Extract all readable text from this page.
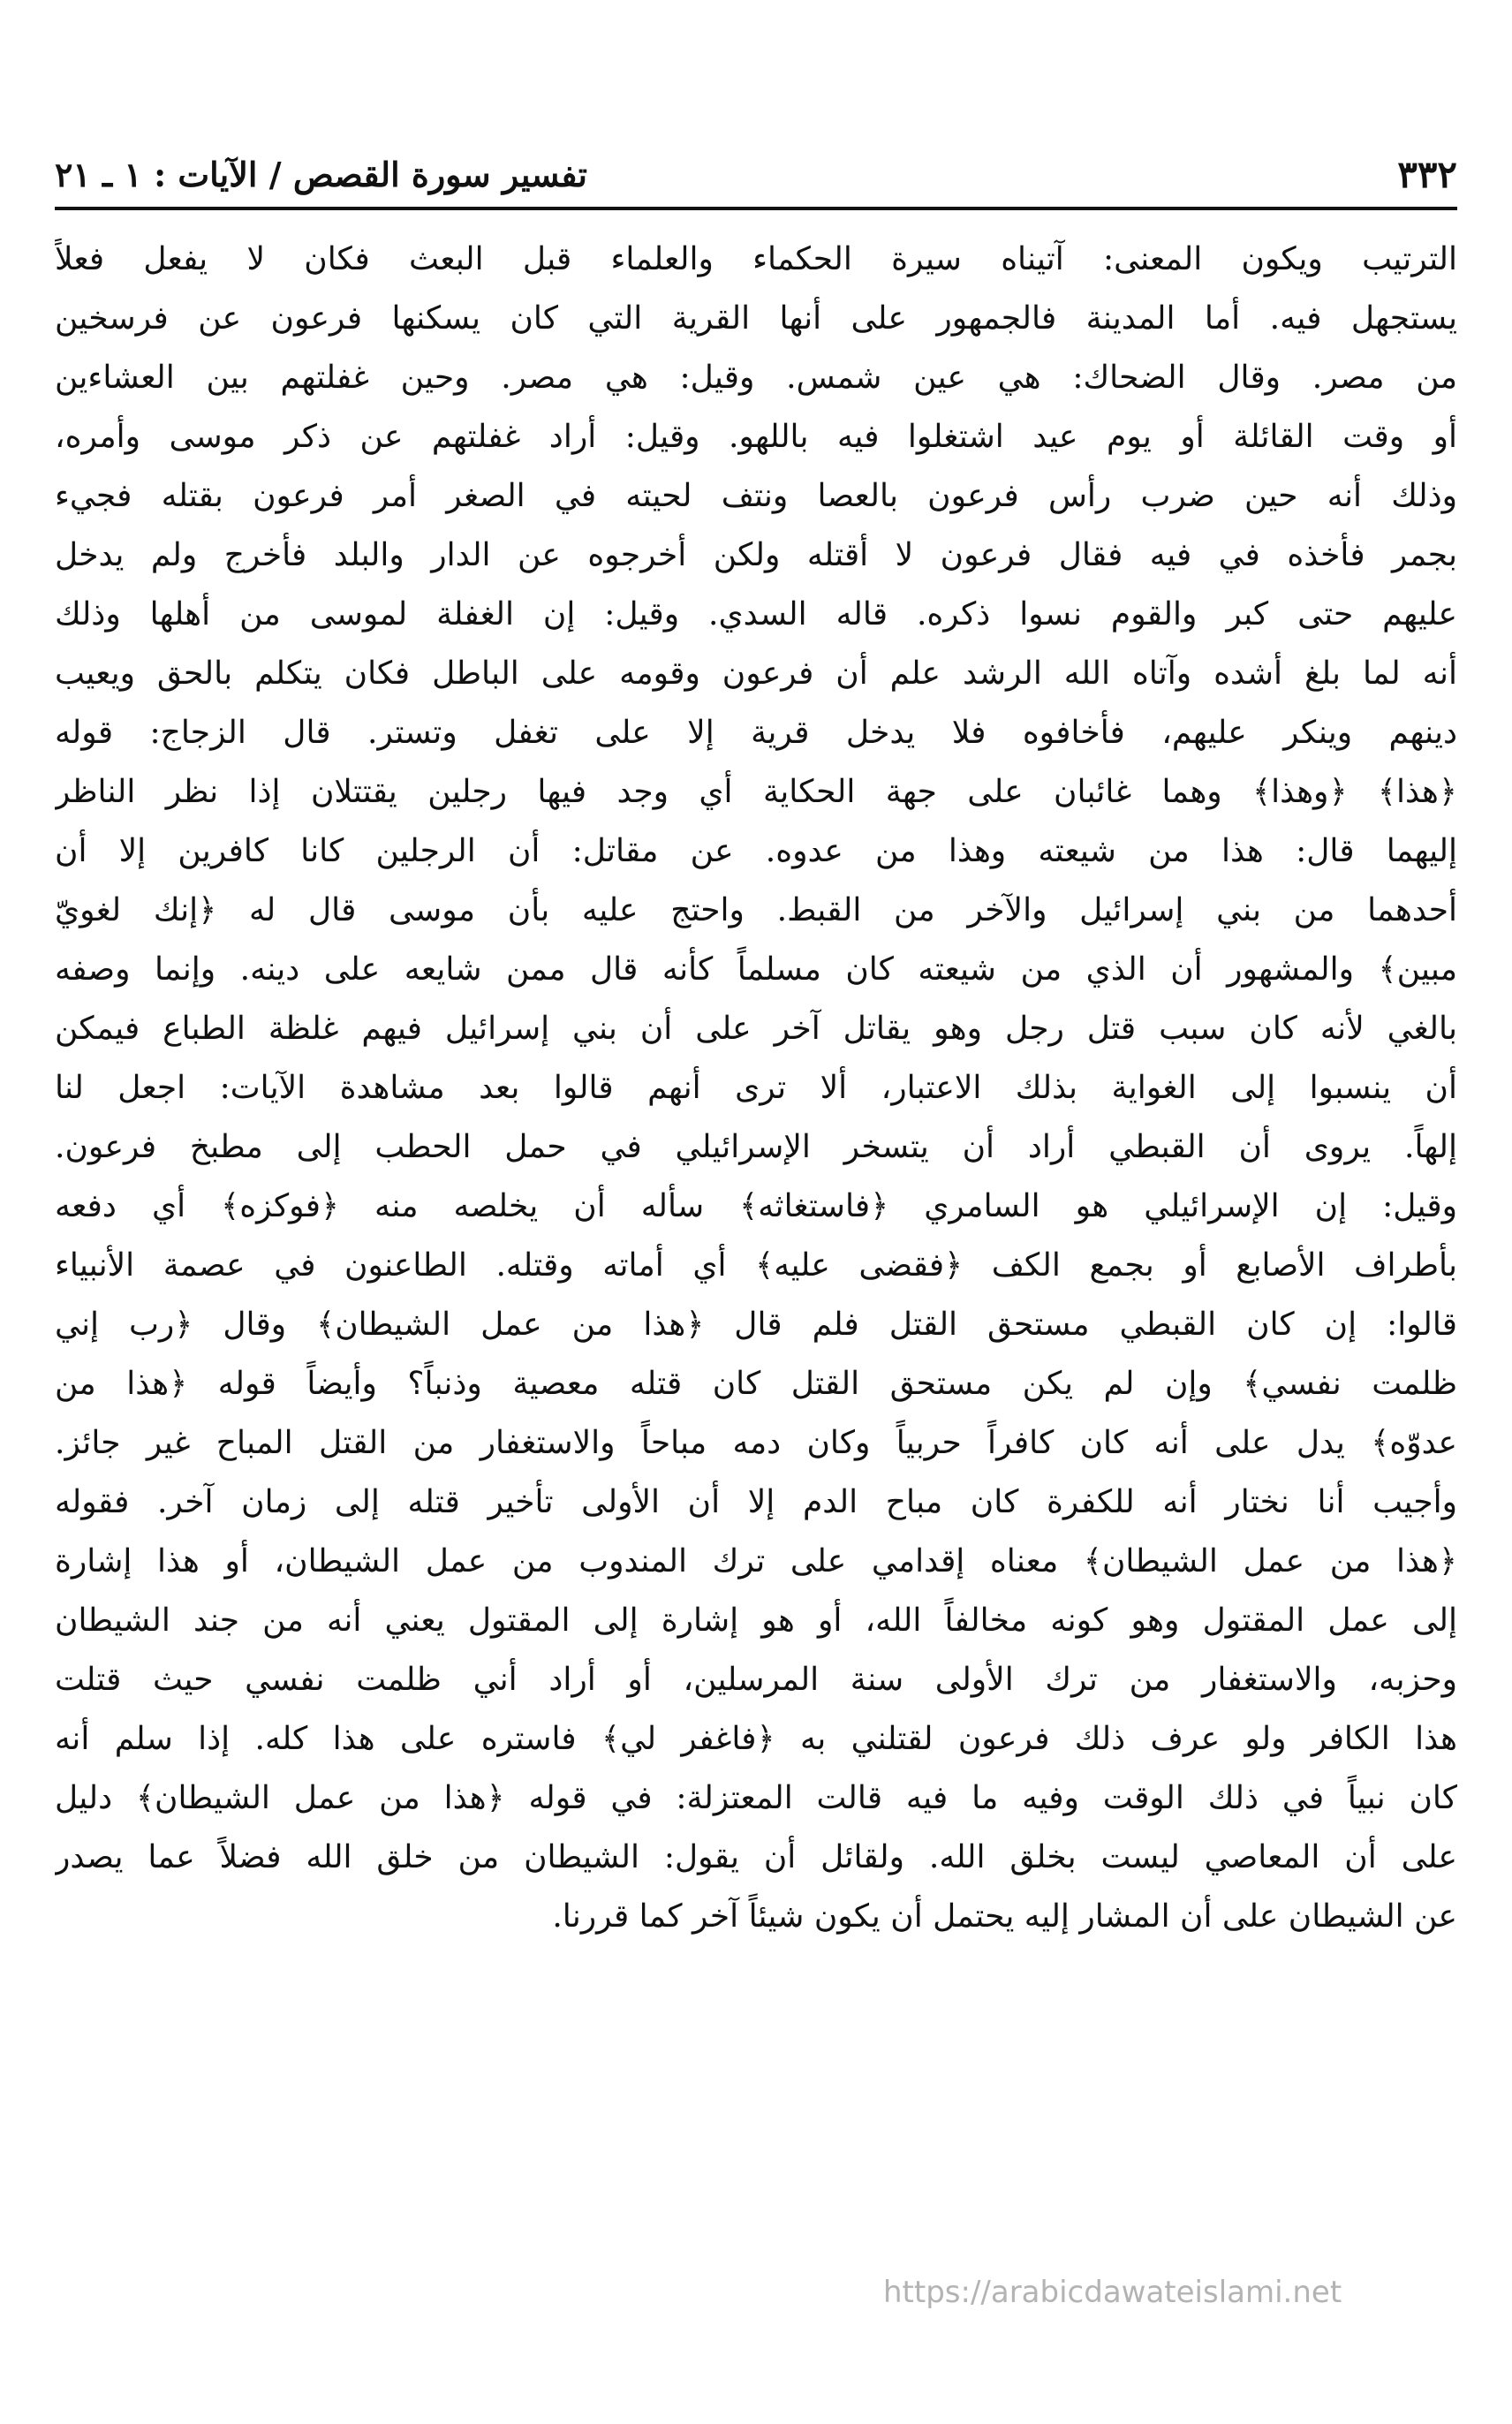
٣٣٢
تفسير سورة القصص / الآيات : ١ ـ ٢١
الترتيب ويكون المعنى: آتيناه سيرة الحكماء والعلماء قبل البعث فكان لا يفعل فعلاً
يستجهل فيه. أما المدينة فالجمهور على أنها القرية التي كان يسكنها فرعون عن فرسخين
من مصر. وقال الضحاك: هي عين شمس. وقيل: هي مصر. وحين غفلتهم بين العشاءين
أو وقت القائلة أو يوم عيد اشتغلوا فيه باللهو. وقيل: أراد غفلتهم عن ذكر موسى وأمره،
وذلك أنه حين ضرب رأس فرعون بالعصا ونتف لحيته في الصغر أمر فرعون بقتله فجيء
بجمر فأخذه في فيه فقال فرعون لا أقتله ولكن أخرجوه عن الدار والبلد فأخرج ولم يدخل
عليهم حتى كبر والقوم نسوا ذكره. قاله السدي. وقيل: إن الغفلة لموسى من أهلها وذلك
أنه لما بلغ أشده وآتاه الله الرشد علم أن فرعون وقومه على الباطل فكان يتكلم بالحق ويعيب
دينهم وينكر عليهم، فأخافوه فلا يدخل قرية إلا على تغفل وتستر. قال الزجاج: قوله
﴿هذا﴾ ﴿وهذا﴾ وهما غائبان على جهة الحكاية أي وجد فيها رجلين يقتتلان إذا نظر الناظر
إليهما قال: هذا من شيعته وهذا من عدوه. عن مقاتل: أن الرجلين كانا كافرين إلا أن
أحدهما من بني إسرائيل والآخر من القبط. واحتج عليه بأن موسى قال له ﴿إنك لغويّ
مبين﴾ والمشهور أن الذي من شيعته كان مسلماً كأنه قال ممن شايعه على دينه. وإنما وصفه
بالغي لأنه كان سبب قتل رجل وهو يقاتل آخر على أن بني إسرائيل فيهم غلظة الطباع فيمكن
أن ينسبوا إلى الغواية بذلك الاعتبار، ألا ترى أنهم قالوا بعد مشاهدة الآيات: اجعل لنا
إلهاً. يروى أن القبطي أراد أن يتسخر الإسرائيلي في حمل الحطب إلى مطبخ فرعون.
وقيل: إن الإسرائيلي هو السامري ﴿فاستغاثه﴾ سأله أن يخلصه منه ﴿فوكزه﴾ أي دفعه
بأطراف الأصابع أو بجمع الكف ﴿فقضى عليه﴾ أي أماته وقتله. الطاعنون في عصمة الأنبياء
قالوا: إن كان القبطي مستحق القتل فلم قال ﴿هذا من عمل الشيطان﴾ وقال ﴿رب إني
ظلمت نفسي﴾ وإن لم يكن مستحق القتل كان قتله معصية وذنباً؟ وأيضاً قوله ﴿هذا من
عدوّه﴾ يدل على أنه كان كافراً حربياً وكان دمه مباحاً والاستغفار من القتل المباح غير جائز.
وأجيب أنا نختار أنه للكفرة كان مباح الدم إلا أن الأولى تأخير قتله إلى زمان آخر. فقوله
﴿هذا من عمل الشيطان﴾ معناه إقدامي على ترك المندوب من عمل الشيطان، أو هذا إشارة
إلى عمل المقتول وهو كونه مخالفاً الله، أو هو إشارة إلى المقتول يعني أنه من جند الشيطان
وحزبه، والاستغفار من ترك الأولى سنة المرسلين، أو أراد أني ظلمت نفسي حيث قتلت
هذا الكافر ولو عرف ذلك فرعون لقتلني به ﴿فاغفر لي﴾ فاستره على هذا كله. إذا سلم أنه
كان نبياً في ذلك الوقت وفيه ما فيه قالت المعتزلة: في قوله ﴿هذا من عمل الشيطان﴾ دليل
على أن المعاصي ليست بخلق الله. ولقائل أن يقول: الشيطان من خلق الله فضلاً عما يصدر
عن الشيطان على أن المشار إليه يحتمل أن يكون شيئاً آخر كما قررنا.
https://arabicdawateislami.net
